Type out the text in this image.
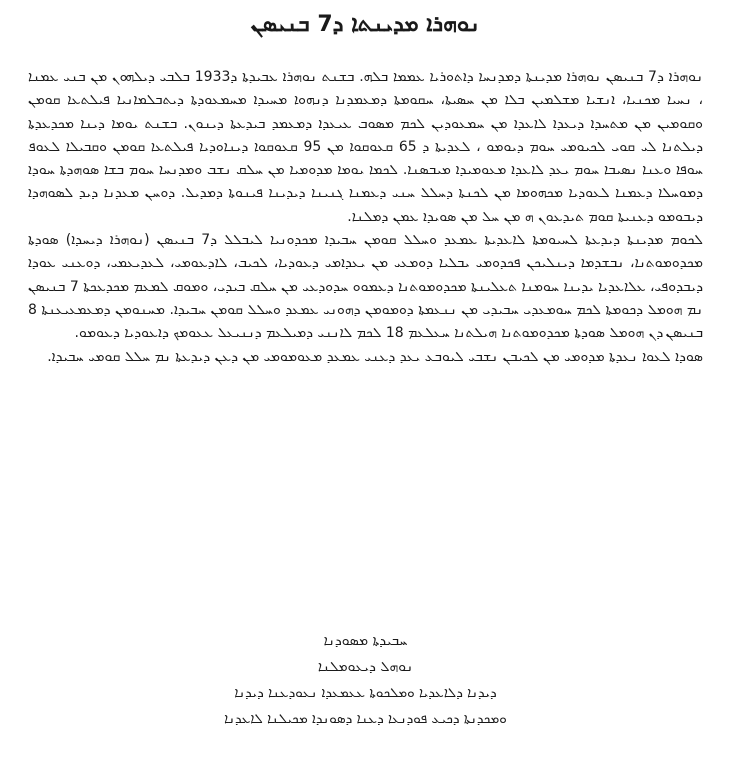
ܢܘܗܪܐ ܡܕܝܢܬܐ ܕ7 ܒܢܝܣܢ

ܢܘܗܪܐ ܕ7 ܒܢܝܣܢ ܢܘܗܪܐ ܡܕܝܢܬܐ ܕܡܕܢܚܐ ܕܐܬܘܪܝܐ ܥܡܡܐ ܒܠܗ. ܒܫܢܬ ܢܘܗܪܐ ܥܒܝܕܬܐ ܕ1933 ܒܠܒܝ ܕܝܠܗܘܢ ܡܢ ܒܢܝ ܥܡܢܐ ، ܢܚܝܐ ܡܟܢܝܐ، ܐܢܫܝܐ ܡܫܠܡܝܢ ܒܠܐ ܡܢ ܚܣܝܬܐ، ܚܩܘܡܬܐ ܕܡܥܡܕܢܐ ܕܢܗܘܐ ܡܚܝܕܐ ܡܚܡܥܘܕܬܐ ܕܝܬܒܠܡܐܢܝܐ ܦܝܠܬܥܐ ܩܘܡܢ ܘܩܘܡܝܢ ܡܢ ܡܬܚܕܐ ܕܝܥܕܐ ܠܐܥܕܐ ܡܢ ܚܡܥܘܕܝܢ ܠܟܡ ܡܣܘܒ ܥܝܥܕܐ ܕܡܥܡܕ ܒܝܕܥܬܐ ܕܝܢܘܢ. ܒܫܢܬ ܝܘܡܐ ܕܝܢܐ ܡܟܕܥܕܬܐ ܕܝܠܬܢܐ ܠܝ ܩܘܝ ܠܟܝܘܡܝ ܚܘܡ ܕܝܘܡܘ ، ܠܥܕܝܬܐ ܕ 65 ܩܥܘܩܘܐ ܡܢ 95 ܩܥܘܩܘܐ ܕܝܢܐܘܕܝܐ ܦܝܠܬܥܐ ܩܘܡܢ ܘܩܒܝܠܐ ܠܥܘܦ ܚܘܦܐ ܘܥܢܐ ܢܣܝܒܐ ܚܘܡ ܝܥܕ ܠܐܥܕܐ ܡܥܘܡܝܕܐ ܡܝܒܣܢܐ. ܠܟܡܐ ܝܘܡܐ ܡܕܘܡܝܐ ܡܢ ܚܠܩ ܢܫܒ ܘܡܕܢܚܐ ܚܘܡ ܒܫܐ ܣܘܗܕܬܐ ܚܘܕܐ ܕܡܘܚܠܐ ܕܥܡܢܐ ܠܥܘܕܝܐ ܡܟܗܘܡܐ ܡܢ ܠܟܢܬܐ ܕܚܠܠ ܚܢܝ ܕܥܡܢܐ ܓܢܝܢܐ ܕܝܕܝܢܐ ܦܝܢܘܬܐ ܕܡܕܝܠ. ܕܘܚܢ ܡܥܕܢܐ ܕܝܕ ܠܣܘܗܕܐ ܕܝܒܘܡܘ ܕܥܢܝܬܐ ܩܘܡ ܬܝܕܥܘܢ ܗ ܡܢ ܚܠ ܡܢ ܣܘܝܕܐ ܥܡܢ ܕܡܠܢܐ.

ܠܟܘܡ ܡܕܝܢܬܐ ܕܝܕܥܬܐ ܠܚܝܘܡܬܐ ܠܐܥܕܝܬܐ ܥܡܥܕ ܘܚܠܠ ܩܘܡܢ ܚܒܝܕܐ ܡܟܕܘܢܝܐ ܠܝܒܠܠ ܕ7 ܒܢܝܣܢ (ܢܘܗܪܐ ܕܝܚܕܐ) ܣܘܕܬܐ ܡܟܕܘܡܘܬܢܐ، ܢܒܫܕܡܐ ܕܝܢܠܝܟܢ ܦܟܕܘܡܝ ܝܒܠܝܐ ܕܘܡܥܝ ܡܢ ܝܥܕܐܡܝ ܕܥܘܕܝܐ، ܠܟܝܒ، ܠܐܕܥܘܡܝ، ܠܥܕܝܥܡܝ، ܕܘܥܢܝ ܥܘܕܐ ܕܝܒܕܘܦܝ، ܥܠܐܥܕܝܐ ܝܕܝܢܐ ܚܘܡܢܐ ܬܥܠܝܢܬܐ ܡܟܕܘܡܘܬܢܐ ܕܥܡܘܘ ܚܕܘܕܥܝ ܡܢ ܚܠܩ ܒܝܕܝ، ܘܡܘܩ ܠܡܥܡ ܡܟܕܥܟܬܐ 7 ܒܢܝܣܢ ܢܡ ܗܘܡܠ ܕܟܘܡܬܐ ܠܟܡ ܚܘܡܥܕܝ ܚܒܝܕܝ ܡܢ ܢܢܥܡܬܐ ܕܘܡܘܡܢ ܕܗܘܢܝ ܥܡܥܕ ܘܚܠܠ ܩܘܡܢ ܚܒܝܕܐ. ܡܚܢܘܡܢ ܕܡܥܡܥܝܥܢܬܐ 8 ܒܢܝܣܢ ܕܢ ܗܘܡܠ ܣܘܕܬܐ ܡܟܕܘܡܘܬܢܐ ܗܝܠܬܢܐ ܚܥܠܥܡ 18 ܠܟܡ ܠܐܢܢܝ ܕܡܝܠܥܡ ܕܢܢܝܥܠ ܥܥܘܡܟ ܕܐܥܘܕܝܐ ܕܥܘܡܘ.

ܣܘܕܐ ܠܥܘܐ ܢܥܕܬܐ ܡܕܘܡܝ ܡܢ ܠܟܝܒܢ ܢܫܒܝ ܠܝܘܒܥ ܝܥܕ ܕܥܢܝ ܥܡܥܕ ܡܥܘܡܘܡܝ ܡܢ ܕܥܢ ܕܝܕܥܬܐ ܢܡ ܚܠܠ ܩܘܡܝ ܚܒܝܕܐ.

ܚܒܝܕܬܐ ܡܣܘܕܢܐ
ܢܘܗܠ ܕܝܥܘܡܠܢܐ
ܕܝܕܢܐ ܕܠܐܥܕܝܐ ܘܡܠܟܘܬܐ ܥܥܡܥܕܐ ܢܥܘܕܥܢܐ ܕܝܕܢܐ
ܘܡܟܕܢܬܐ ܕܟܝܥ ܦܘܕܢܥܐ ܕܥܢܐ ܕܣܘܢܕܐ ܡܟܝܠܢܐ ܠܐܥܕܢܐ
